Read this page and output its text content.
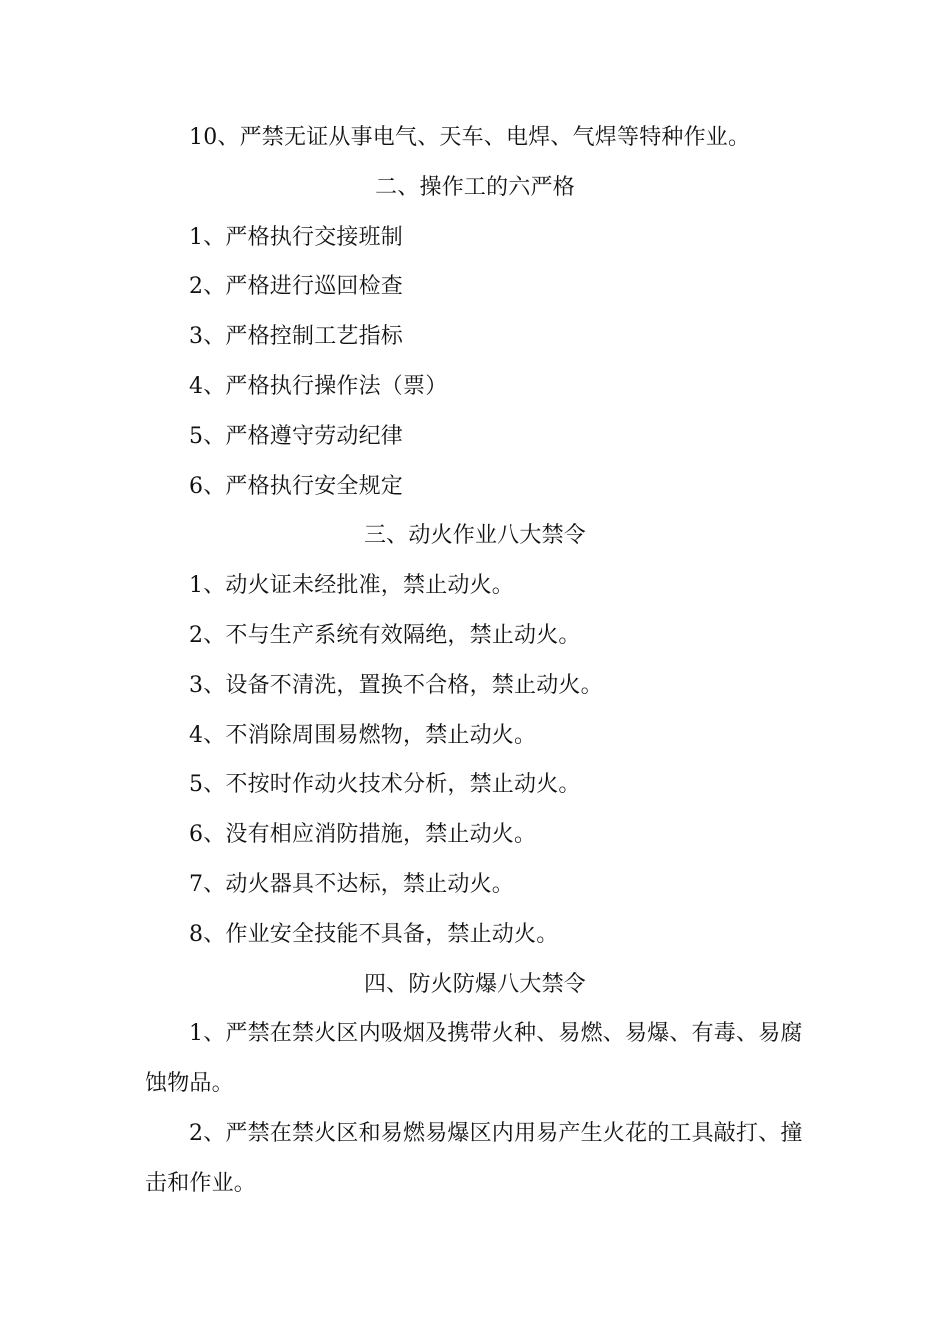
10、严禁无证从事电气、天车、电焊、气焊等特种作业。
二、操作工的六严格
1、严格执行交接班制
2、严格进行巡回检查
3、严格控制工艺指标
4、严格执行操作法（票）
5、严格遵守劳动纪律
6、严格执行安全规定
三、动火作业八大禁令
1、动火证未经批准，禁止动火。
2、不与生产系统有效隔绝，禁止动火。
3、设备不清洗，置换不合格，禁止动火。
4、不消除周围易燃物，禁止动火。
5、不按时作动火技术分析，禁止动火。
6、没有相应消防措施，禁止动火。
7、动火器具不达标，禁止动火。
8、作业安全技能不具备，禁止动火。
四、防火防爆八大禁令
1、严禁在禁火区内吸烟及携带火种、易燃、易爆、有毒、易腐蚀物品。
2、严禁在禁火区和易燃易爆区内用易产生火花的工具敲打、撞击和作业。
